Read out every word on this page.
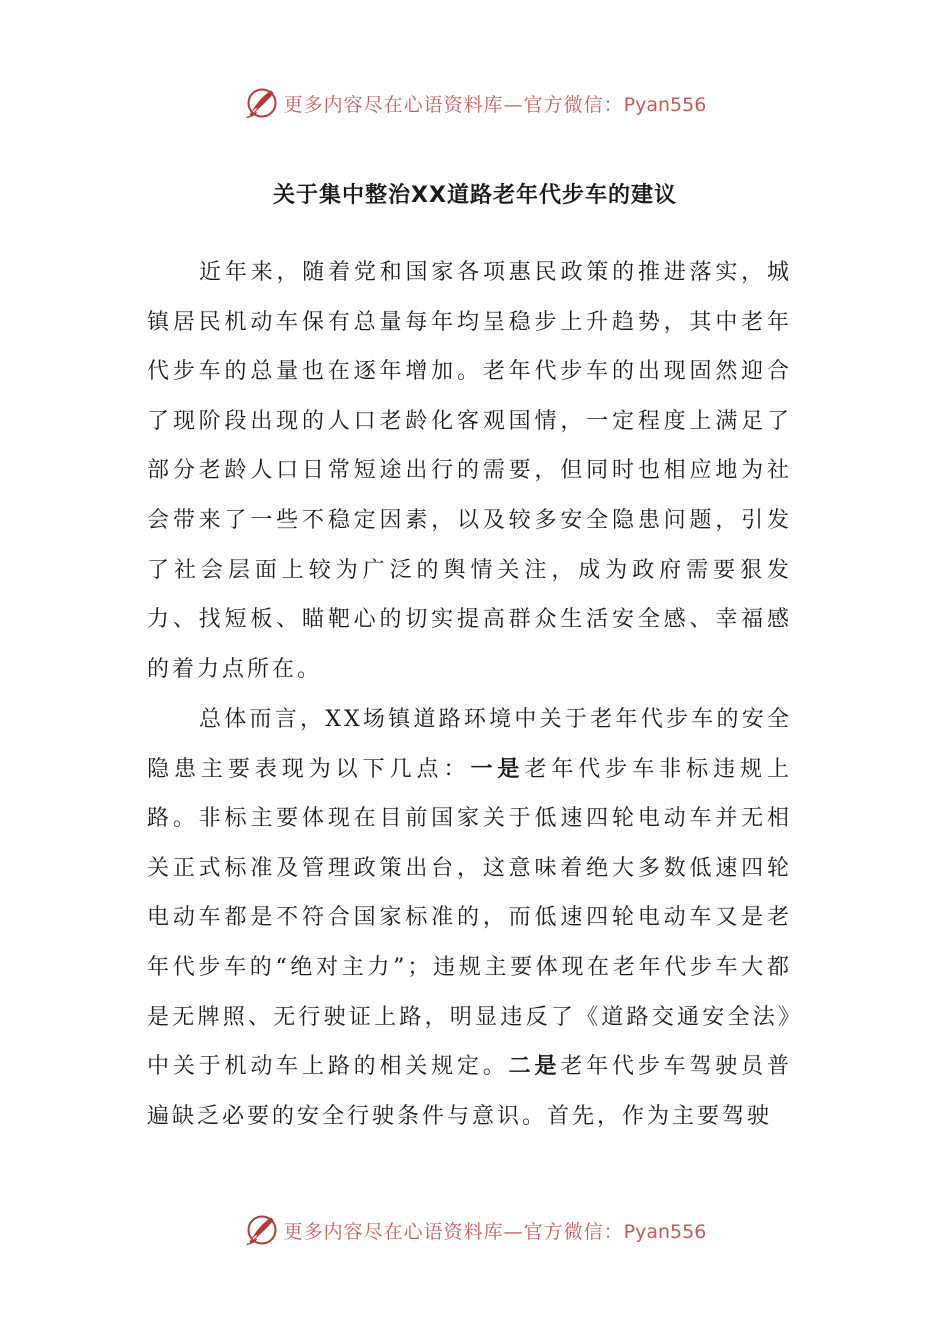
更多内容尽在心语资料库—官方微信：Pyan556
关于集中整治XX道路老年代步车的建议
近年来，随着党和国家各项惠民政策的推进落实，城镇居民机动车保有总量每年均呈稳步上升趋势，其中老年代步车的总量也在逐年增加。老年代步车的出现固然迎合了现阶段出现的人口老龄化客观国情，一定程度上满足了部分老龄人口日常短途出行的需要，但同时也相应地为社会带来了一些不稳定因素，以及较多安全隐患问题，引发了社会层面上较为广泛的舆情关注，成为政府需要狠发力、找短板、瞄靶心的切实提高群众生活安全感、幸福感的着力点所在。
总体而言，XX场镇道路环境中关于老年代步车的安全隐患主要表现为以下几点：一是老年代步车非标违规上路。非标主要体现在目前国家关于低速四轮电动车并无相关正式标准及管理政策出台，这意味着绝大多数低速四轮电动车都是不符合国家标准的，而低速四轮电动车又是老年代步车的“绝对主力”；违规主要体现在老年代步车大都是无牌照、无行驶证上路，明显违反了《道路交通安全法》中关于机动车上路的相关规定。二是老年代步车驾驶员普遍缺乏必要的安全行驶条件与意识。首先，作为主要驾驶
更多内容尽在心语资料库—官方微信：Pyan556
